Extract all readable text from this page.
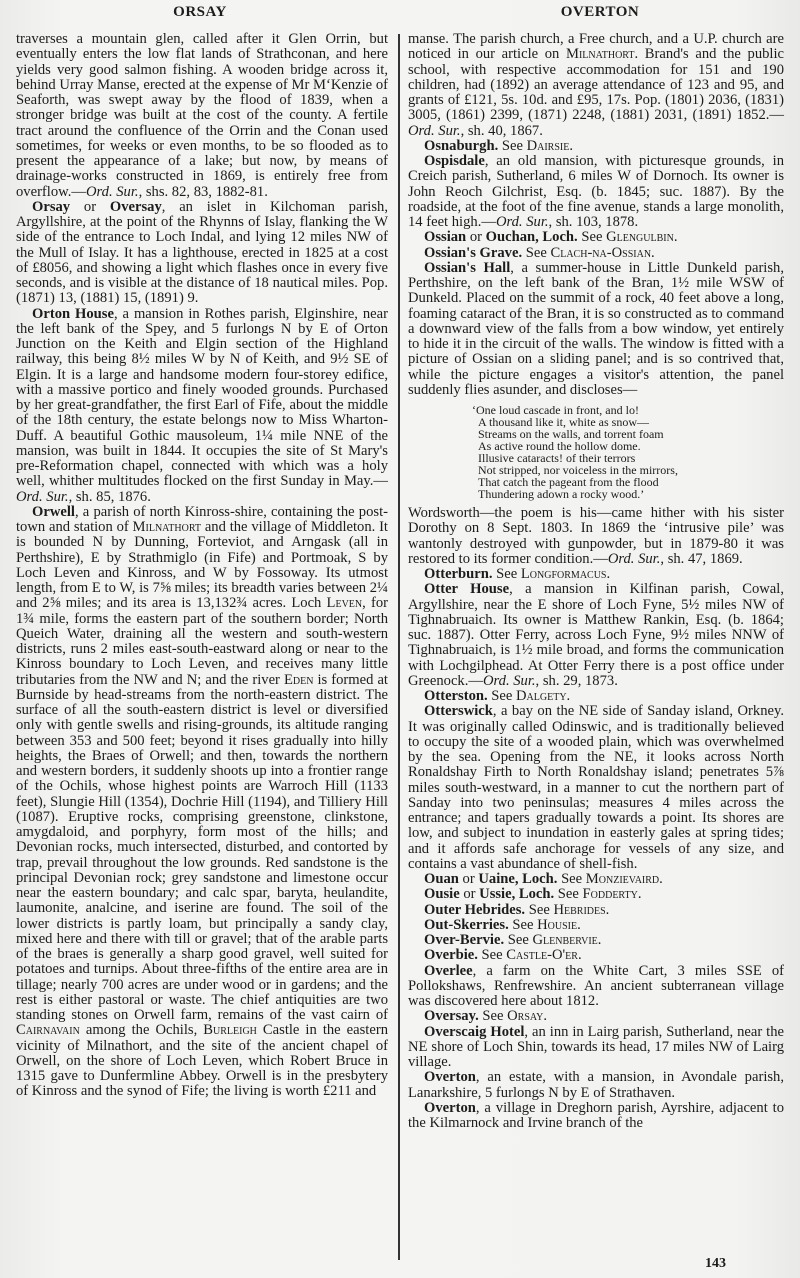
ORSAY	OVERTON

traverses a mountain glen, called after it Glen Orrin, but eventually enters the low flat lands of Strathconan, and here yields very good salmon fishing. A wooden bridge across it, behind Urray Manse, erected at the expense of Mr M‘Kenzie of Seaforth, was swept away by the flood of 1839, when a stronger bridge was built at the cost of the county. A fertile tract around the confluence of the Orrin and the Conan used sometimes, for weeks or even months, to be so flooded as to present the appearance of a lake; but now, by means of drainage-works constructed in 1869, is entirely free from overflow.—Ord. Sur., shs. 82, 83, 1882-81.

Orsay or Oversay, an islet in Kilchoman parish, Argyllshire, at the point of the Rhynns of Islay, flanking the W side of the entrance to Loch Indal, and lying 12 miles NW of the Mull of Islay. It has a lighthouse, erected in 1825 at a cost of £8056, and showing a light which flashes once in every five seconds, and is visible at the distance of 18 nautical miles. Pop. (1871) 13, (1881) 15, (1891) 9.

Orton House, a mansion in Rothes parish, Elginshire, near the left bank of the Spey, and 5 furlongs N by E of Orton Junction on the Keith and Elgin section of the Highland railway, this being 8½ miles W by N of Keith, and 9½ SE of Elgin. It is a large and handsome modern four-storey edifice, with a massive portico and finely wooded grounds. Purchased by her great-grandfather, the first Earl of Fife, about the middle of the 18th century, the estate belongs now to Miss Wharton-Duff. A beautiful Gothic mausoleum, 1¼ mile NNE of the mansion, was built in 1844. It occupies the site of St Mary's pre-Reformation chapel, connected with which was a holy well, whither multitudes flocked on the first Sunday in May.—Ord. Sur., sh. 85, 1876.

Orwell, a parish of north Kinross-shire, containing the post-town and station of Milnathort and the village of Middleton. It is bounded N by Dunning, Forteviot, and Arngask (all in Perthshire), E by Strathmiglo (in Fife) and Portmoak, S by Loch Leven and Kinross, and W by Fossoway. Its utmost length, from E to W, is 7⅝ miles; its breadth varies between 2¼ and 2⅝ miles; and its area is 13,132¾ acres. Loch Leven, for 1¾ mile, forms the eastern part of the southern border; North Queich Water, draining all the western and south-western districts, runs 2 miles east-south-eastward along or near to the Kinross boundary to Loch Leven, and receives many little tributaries from the NW and N; and the river Eden is formed at Burnside by head-streams from the north-eastern district. The surface of all the south-eastern district is level or diversified only with gentle swells and rising-grounds, its altitude ranging between 353 and 500 feet; beyond it rises gradually into hilly heights, the Braes of Orwell; and then, towards the northern and western borders, it suddenly shoots up into a frontier range of the Ochils, whose highest points are Warroch Hill (1133 feet), Slungie Hill (1354), Dochrie Hill (1194), and Tilliery Hill (1087). Eruptive rocks, comprising greenstone, clinkstone, amygdaloid, and porphyry, form most of the hills; and Devonian rocks, much intersected, disturbed, and contorted by trap, prevail throughout the low grounds. Red sandstone is the principal Devonian rock; grey sandstone and limestone occur near the eastern boundary; and calc spar, baryta, heulandite, laumonite, analcine, and iserine are found. The soil of the lower districts is partly loam, but principally a sandy clay, mixed here and there with till or gravel; that of the arable parts of the braes is generally a sharp good gravel, well suited for potatoes and turnips. About three-fifths of the entire area are in tillage; nearly 700 acres are under wood or in gardens; and the rest is either pastoral or waste. The chief antiquities are two standing stones on Orwell farm, remains of the vast cairn of Cairnavain among the Ochils, Burleigh Castle in the eastern vicinity of Milnathort, and the site of the ancient chapel of Orwell, on the shore of Loch Leven, which Robert Bruce in 1315 gave to Dunfermline Abbey. Orwell is in the presbytery of Kinross and the synod of Fife; the living is worth £211 and

manse. The parish church, a Free church, and a U.P. church are noticed in our article on Milnathort. Brand's and the public school, with respective accommodation for 151 and 190 children, had (1892) an average attendance of 123 and 95, and grants of £121, 5s. 10d. and £95, 17s. Pop. (1801) 2036, (1831) 3005, (1861) 2399, (1871) 2248, (1881) 2031, (1891) 1852.—Ord. Sur., sh. 40, 1867.

Osnaburgh. See Dairsie.

Ospisdale, an old mansion, with picturesque grounds, in Creich parish, Sutherland, 6 miles W of Dornoch. Its owner is John Reoch Gilchrist, Esq. (b. 1845; suc. 1887). By the roadside, at the foot of the fine avenue, stands a large monolith, 14 feet high.—Ord. Sur., sh. 103, 1878.

Ossian or Ouchan, Loch. See Glengulbin.

Ossian's Grave. See Clach-na-Ossian.

Ossian's Hall, a summer-house in Little Dunkeld parish, Perthshire, on the left bank of the Bran, 1½ mile WSW of Dunkeld. Placed on the summit of a rock, 40 feet above a long, foaming cataract of the Bran, it is so constructed as to command a downward view of the falls from a bow window, yet entirely to hide it in the circuit of the walls. The window is fitted with a picture of Ossian on a sliding panel; and is so contrived that, while the picture engages a visitor's attention, the panel suddenly flies asunder, and discloses—

‘One loud cascade in front, and lo!
A thousand like it, white as snow—
Streams on the walls, and torrent foam
As active round the hollow dome.
Illusive cataracts! of their terrors
Not stripped, nor voiceless in the mirrors,
That catch the pageant from the flood
Thundering adown a rocky wood.’

Wordsworth—the poem is his—came hither with his sister Dorothy on 8 Sept. 1803. In 1869 the ‘intrusive pile’ was wantonly destroyed with gunpowder, but in 1879-80 it was restored to its former condition.—Ord. Sur., sh. 47, 1869.

Otterburn. See Longformacus.

Otter House, a mansion in Kilfinan parish, Cowal, Argyllshire, near the E shore of Loch Fyne, 5½ miles NW of Tighnabruaich. Its owner is Matthew Rankin, Esq. (b. 1864; suc. 1887). Otter Ferry, across Loch Fyne, 9½ miles NNW of Tighnabruaich, is 1½ mile broad, and forms the communication with Lochgilphead. At Otter Ferry there is a post office under Greenock.—Ord. Sur., sh. 29, 1873.

Otterston. See Dalgety.

Otterswick, a bay on the NE side of Sanday island, Orkney. It was originally called Odinswic, and is traditionally believed to occupy the site of a wooded plain, which was overwhelmed by the sea. Opening from the NE, it looks across North Ronaldshay Firth to North Ronaldshay island; penetrates 5⅞ miles south-westward, in a manner to cut the northern part of Sanday into two peninsulas; measures 4 miles across the entrance; and tapers gradually towards a point. Its shores are low, and subject to inundation in easterly gales at spring tides; and it affords safe anchorage for vessels of any size, and contains a vast abundance of shell-fish.

Ouan or Uaine, Loch. See Monzievaird.

Ousie or Ussie, Loch. See Fodderty.

Outer Hebrides. See Hebrides.

Out-Skerries. See Housie.

Over-Bervie. See Glenbervie.

Overbie. See Castle-O'er.

Overlee, a farm on the White Cart, 3 miles SSE of Pollokshaws, Renfrewshire. An ancient subterranean village was discovered here about 1812.

Oversay. See Orsay.

Overscaig Hotel, an inn in Lairg parish, Sutherland, near the NE shore of Loch Shin, towards its head, 17 miles NW of Lairg village.

Overton, an estate, with a mansion, in Avondale parish, Lanarkshire, 5 furlongs N by E of Strathaven.

Overton, a village in Dreghorn parish, Ayrshire, adjacent to the Kilmarnock and Irvine branch of the

143
